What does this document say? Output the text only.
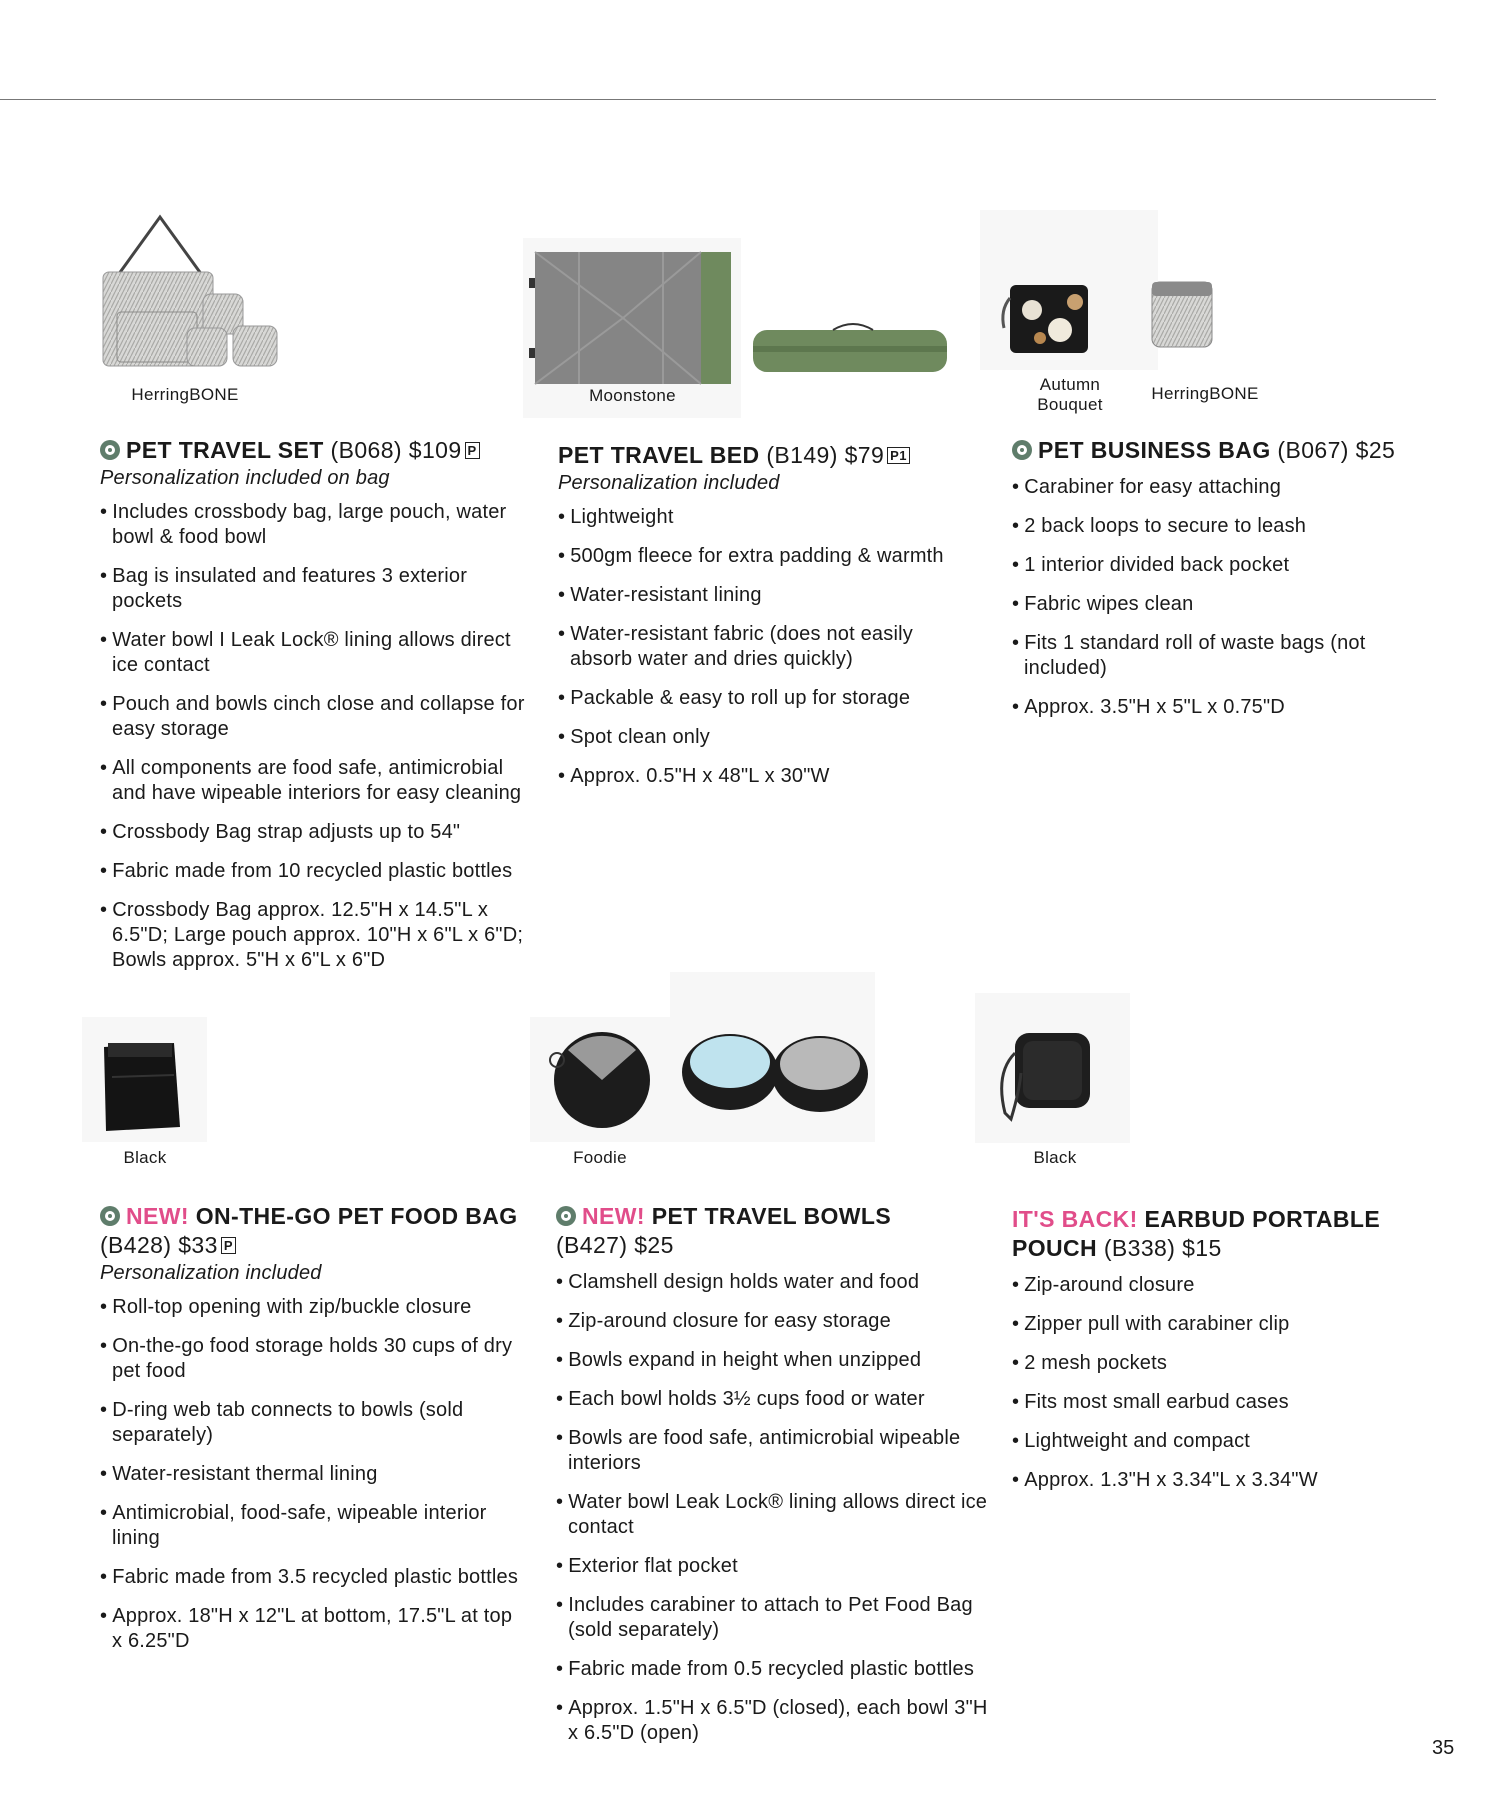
HerringBONE	Moonstone
Autumn Bouquet
HerringBONE
Black	Foodie	Black
PET TRAVEL SET (B068) $109 P
Personalization included on bag
• Includes crossbody bag, large pouch, water bowl & food bowl
• Bag is insulated and features 3 exterior pockets
• Water bowl I Leak Lock® lining allows direct ice contact
• Pouch and bowls cinch close and collapse for easy storage
• All components are food safe, antimicrobial and have wipeable interiors for easy cleaning
• Crossbody Bag strap adjusts up to 54"
• Fabric made from 10 recycled plastic bottles
• Crossbody Bag approx. 12.5"H x 14.5"L x 6.5"D; Large pouch approx. 10"H x 6"L x 6"D; Bowls approx. 5"H x 6"L x 6"D
PET TRAVEL BED (B149) $79 P1
Personalization included
• Lightweight
• 500gm fleece for extra padding & warmth
• Water-resistant lining
• Water-resistant fabric (does not easily absorb water and dries quickly)
• Packable & easy to roll up for storage
• Spot clean only
• Approx. 0.5"H x 48"L x 30"W
PET BUSINESS BAG (B067) $25
• Carabiner for easy attaching
• 2 back loops to secure to leash
• 1 interior divided back pocket
• Fabric wipes clean
• Fits 1 standard roll of waste bags (not included)
• Approx. 3.5"H x 5"L x 0.75"D
NEW! ON-THE-GO PET FOOD BAG (B428) $33 P
Personalization included
• Roll-top opening with zip/buckle closure
• On-the-go food storage holds 30 cups of dry pet food
• D-ring web tab connects to bowls (sold separately)
• Water-resistant thermal lining
• Antimicrobial, food-safe, wipeable interior lining
• Fabric made from 3.5 recycled plastic bottles
• Approx. 18"H x 12"L at bottom, 17.5"L at top x 6.25"D
NEW! PET TRAVEL BOWLS
(B427) $25
• Clamshell design holds water and food
• Zip-around closure for easy storage
• Bowls expand in height when unzipped
• Each bowl holds 3½ cups food or water
• Bowls are food safe, antimicrobial wipeable interiors
• Water bowl Leak Lock® lining allows direct ice contact
• Exterior flat pocket
• Includes carabiner to attach to Pet Food Bag (sold separately)
• Fabric made from 0.5 recycled plastic bottles
• Approx. 1.5"H x 6.5"D (closed), each bowl 3"H x 6.5"D (open)
IT'S BACK! EARBUD PORTABLE POUCH (B338) $15
• Zip-around closure
• Zipper pull with carabiner clip
• 2 mesh pockets
• Fits most small earbud cases
• Lightweight and compact
• Approx. 1.3"H x 3.34"L x 3.34"W
35
